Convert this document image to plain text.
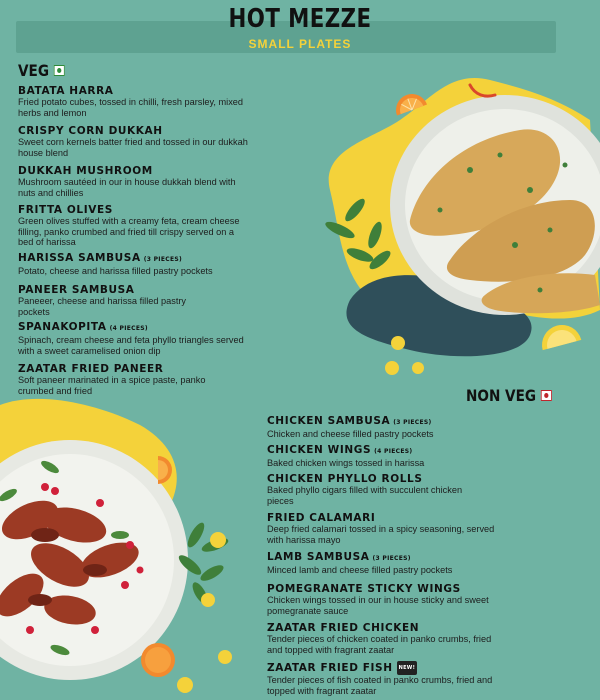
HOT MEZZE
SMALL PLATES
VEG
BATATA HARRA
Fried potato cubes, tossed in chilli, fresh parsley, mixed herbs and lemon
CRISPY CORN DUKKAH
Sweet corn kernels batter fried and tossed in our dukkah house blend
DUKKAH MUSHROOM
Mushroom sautéed in our in house dukkah blend with nuts and chillies
FRITTA OLIVES
Green olives stuffed with a creamy feta, cream cheese filling, panko crumbed and fried till crispy served on a bed of harissa
HARISSA SAMBUSA (3 PIECES)
Potato, cheese and harissa filled pastry pockets
PANEER SAMBUSA
Paneeer, cheese and harissa filled pastry pockets
SPANAKOPITA (4 PIECES)
Spinach, cream cheese and feta phyllo triangles served with a sweet caramelised onion dip
ZAATAR FRIED PANEER
Soft paneer marinated in a spice paste, panko crumbed and fried	NON VEG
CHICKEN SAMBUSA (3 PIECES)
Chicken and cheese filled pastry pockets
CHICKEN WINGS (4 PIECES)
Baked chicken wings tossed in harissa
CHICKEN PHYLLO ROLLS
Baked phyllo cigars filled with succulent chicken pieces
FRIED CALAMARI
Deep fried calamari tossed in a spicy seasoning, served with harissa mayo
LAMB SAMBUSA (3 PIECES)
Minced lamb and cheese filled pastry pockets
POMEGRANATE STICKY WINGS
Chicken wings tossed in our in house sticky and sweet pomegranate sauce
ZAATAR FRIED CHICKEN
Tender pieces of chicken coated in panko crumbs, fried and topped with fragrant zaatar
ZAATAR FRIED FISH NEW!
Tender pieces of fish coated in panko crumbs, fried and topped with fragrant zaatar
